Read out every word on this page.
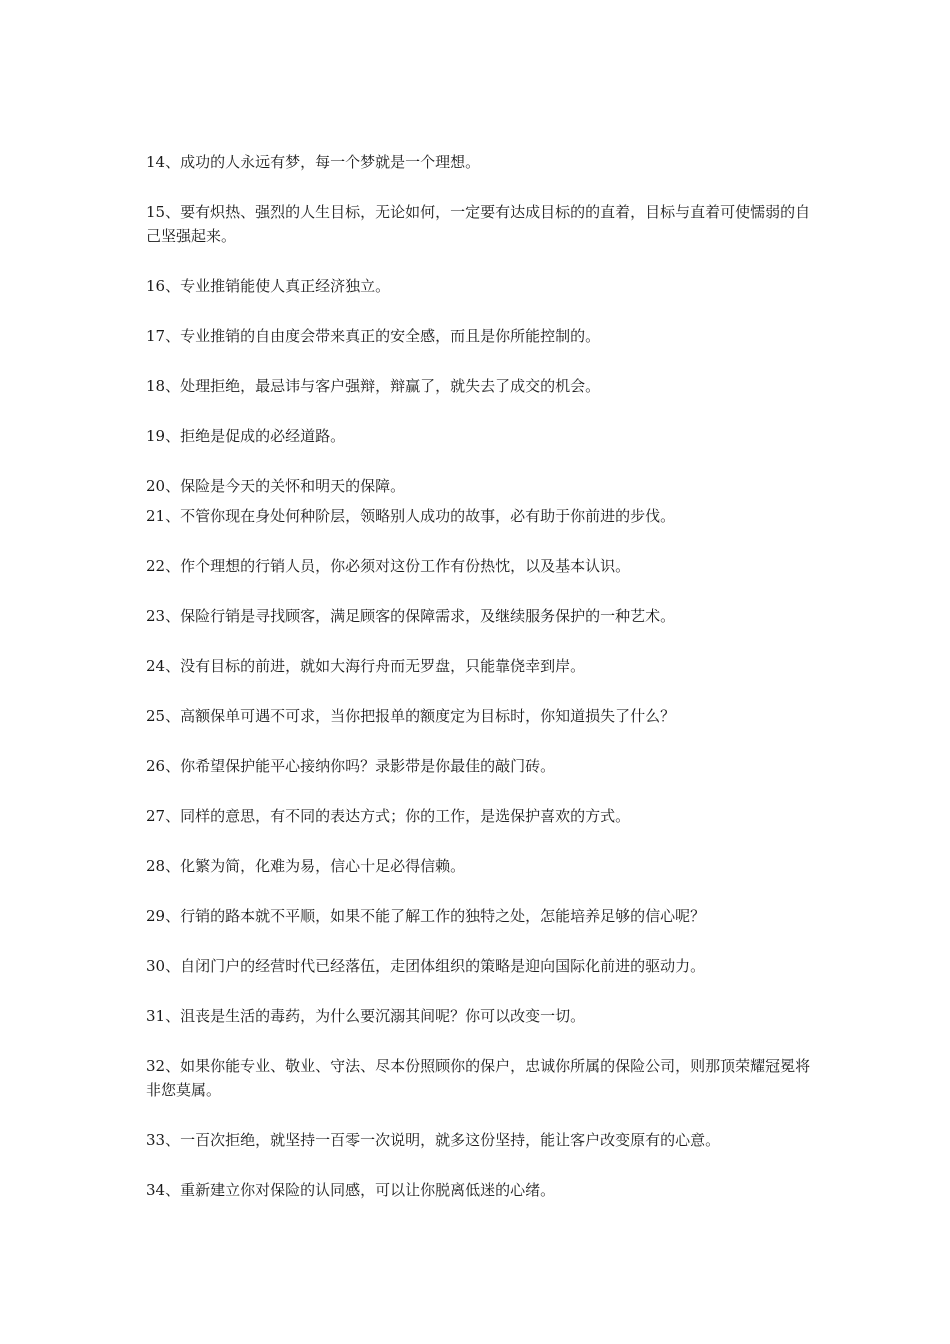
14、成功的人永远有梦，每一个梦就是一个理想。

15、要有炽热、强烈的人生目标，无论如何，一定要有达成目标的的直着，目标与直着可使懦弱的自己坚强起来。

16、专业推销能使人真正经济独立。

17、专业推销的自由度会带来真正的安全感，而且是你所能控制的。

18、处理拒绝，最忌讳与客户强辩，辩赢了，就失去了成交的机会。

19、拒绝是促成的必经道路。

20、保险是今天的关怀和明天的保障。

21、不管你现在身处何种阶层，领略别人成功的故事，必有助于你前进的步伐。

22、作个理想的行销人员，你必须对这份工作有份热忱，以及基本认识。

23、保险行销是寻找顾客，满足顾客的保障需求，及继续服务保护的一种艺术。

24、没有目标的前进，就如大海行舟而无罗盘，只能靠侥幸到岸。

25、高额保单可遇不可求，当你把报单的额度定为目标时，你知道损失了什么？

26、你希望保护能平心接纳你吗？录影带是你最佳的敲门砖。

27、同样的意思，有不同的表达方式；你的工作，是选保护喜欢的方式。

28、化繁为简，化难为易，信心十足必得信赖。

29、行销的路本就不平顺，如果不能了解工作的独特之处，怎能培养足够的信心呢？

30、自闭门户的经营时代已经落伍，走团体组织的策略是迎向国际化前进的驱动力。

31、沮丧是生活的毒药，为什么要沉溺其间呢？你可以改变一切。

32、如果你能专业、敬业、守法、尽本份照顾你的保户，忠诚你所属的保险公司，则那顶荣耀冠冕将非您莫属。

33、一百次拒绝，就坚持一百零一次说明，就多这份坚持，能让客户改变原有的心意。

34、重新建立你对保险的认同感，可以让你脱离低迷的心绪。
